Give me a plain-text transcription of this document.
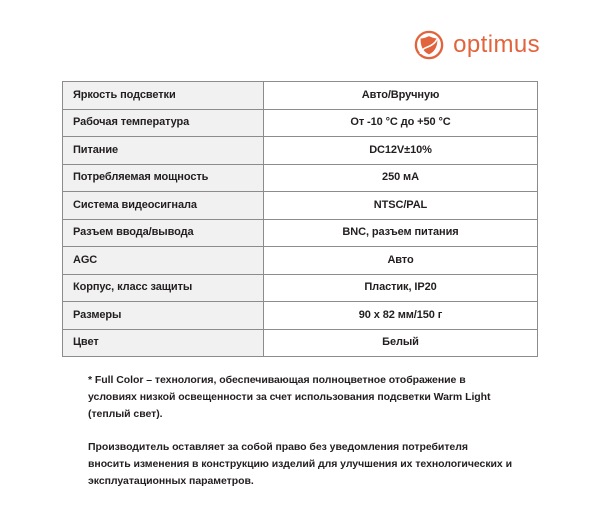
optimus
Яркость подсветки	Авто/Вручную
Рабочая температура	От -10 °C до +50 °C
Питание	DC12V±10%
Потребляемая мощность	250 мА
Система видеосигнала	NTSC/PAL
Разъем ввода/вывода	BNC, разъем питания
AGC	Авто
Корпус, класс защиты	Пластик, IP20
Размеры	90 х 82 мм/150 г
Цвет	Белый

* Full Color – технология, обеспечивающая полноцветное отображение в условиях низкой освещенности за счет использования подсветки Warm Light (теплый свет).

Производитель оставляет за собой право без уведомления потребителя вносить изменения в конструкцию изделий для улучшения их технологических и эксплуатационных параметров.
